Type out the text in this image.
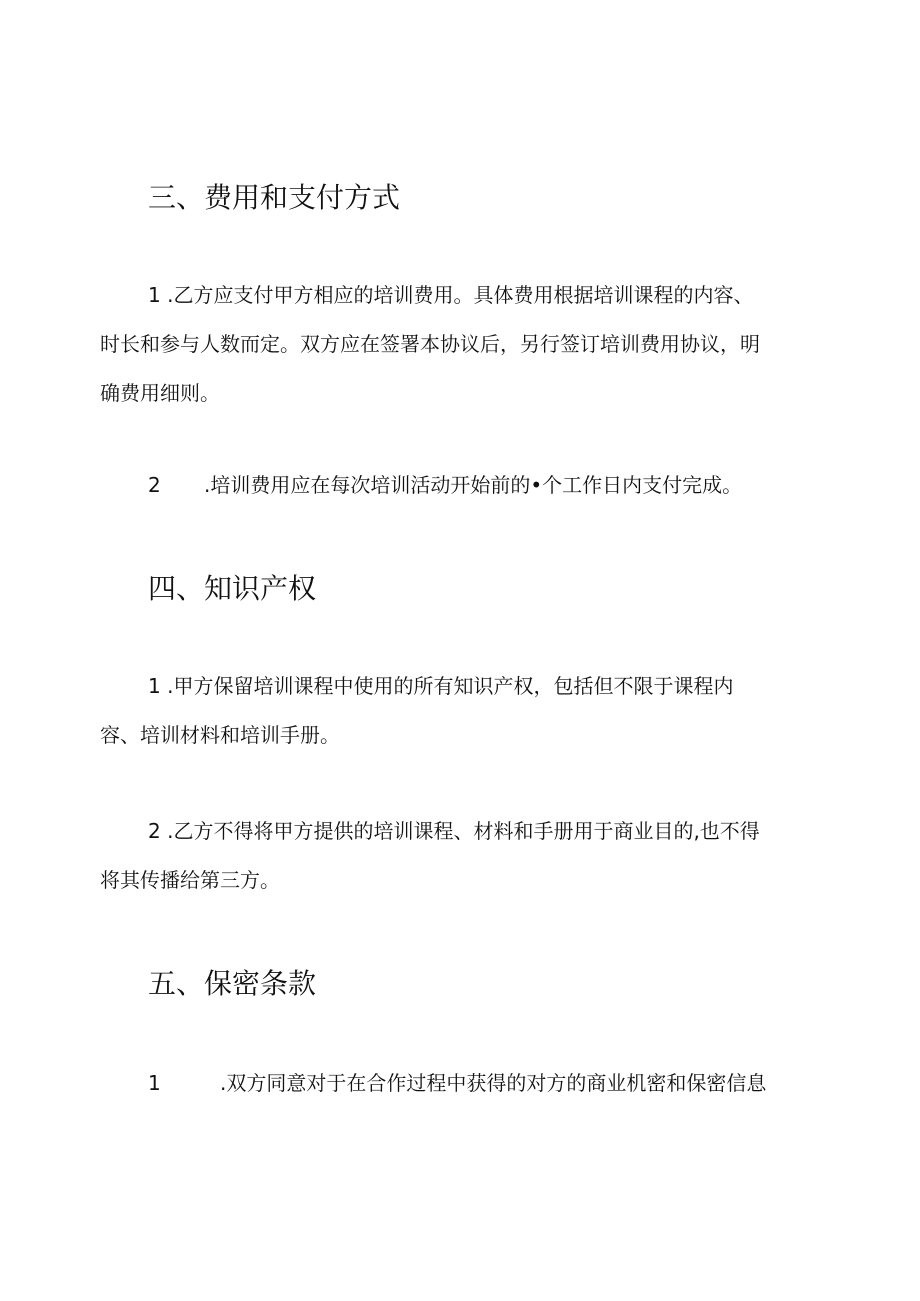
三、费用和支付方式
1 .乙方应支付甲方相应的培训费用。具体费用根据培训课程的内容、
时长和参与人数而定。双方应在签署本协议后，另行签订培训费用协议，明
确费用细则。
2 .培训费用应在每次培训活动开始前的•个工作日内支付完成。
四、知识产权
1 .甲方保留培训课程中使用的所有知识产权，包括但不限于课程内
容、培训材料和培训手册。
2 .乙方不得将甲方提供的培训课程、材料和手册用于商业目的,也不得
将其传播给第三方。
五、保密条款
1	.双方同意对于在合作过程中获得的对方的商业机密和保密信息
